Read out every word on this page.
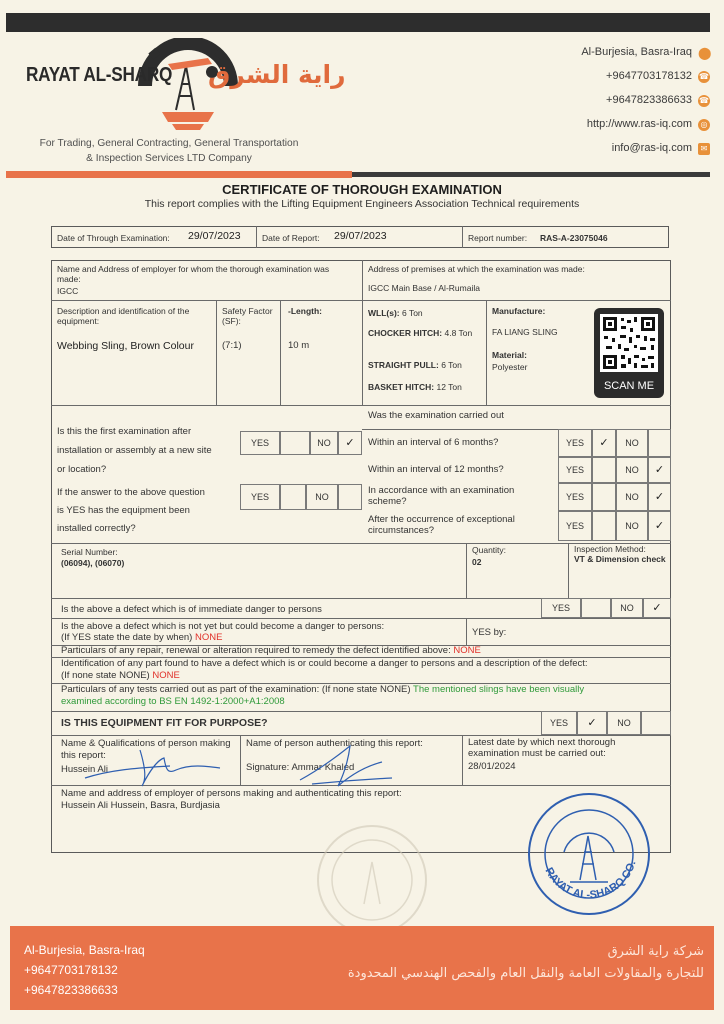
RAYAT AL-SHARQ راية الشرق
For Trading, General Contracting, General Transportation
& Inspection Services LTD Company
Al-Burjesia, Basra-Iraq ⬤
+9647703178132 ☎
+9647823386633 ☎
http://www.ras-iq.com	◎
info@ras-iq.com	✉
CERTIFICATE OF THOROUGH EXAMINATION
This report complies with the Lifting Equipment Engineers Association Technical requirements
Date of Through Examination: 29/07/2023	Date of Report: 29/07/2023	Report number: RAS-A-23075046
Name and Address of employer for whom the thorough examination was made:
IGCC
Address of premises at which the examination was made:
IGCC Main Base / Al-Rumaila
Description and identification of the equipment:
Webbing Sling, Brown Colour
Safety Factor (SF):
(7:1)
-Length:
10 m
WLL(s): 6 Ton
CHOCKER HITCH: 4.8 Ton
STRAIGHT PULL: 6 Ton
BASKET HITCH: 12 Ton
Manufacture:
FA LIANG SLING
Material:
Polyester
SCAN ME
Is this the first examination after
installation or assembly at a new site
or location?
YES	NO	✓
If the answer to the above question
is YES has the equipment been
installed correctly?
YES	NO
Was the examination carried out
Within an interval of 6 months?	YES	✓	NO
Within an interval of 12 months?	YES	NO	✓
In accordance with an examination scheme?	YES	NO	✓
After the occurrence of exceptional circumstances?	YES	NO	✓
Serial Number:
(06094), (06070)
Quantity:
02
Inspection Method:
VT & Dimension check
Is the above a defect which is of immediate danger to persons	YES	NO	✓
Is the above a defect which is not yet but could become a danger to persons:
(If YES state the date by when) NONE	YES by:
Particulars of any repair, renewal or alteration required to remedy the defect identified above: NONE
Identification of any part found to have a defect which is or could become a danger to persons and a description of the defect:
(If none state NONE) NONE
Particulars of any tests carried out as part of the examination: (If none state NONE) The mentioned slings have been visually
examined according to BS EN 1492-1:2000+A1:2008
IS THIS EQUIPMENT FIT FOR PURPOSE?	YES	✓	NO
Name & Qualifications of person making this report:
Hussein Ali
Name of person authenticating this report:
Signature: Ammar Khaled
Latest date by which next thorough examination must be carried out:
28/01/2024
Name and address of employer of persons making and authenticating this report:
Hussein Ali Hussein, Basra, Burdjasia
RAYAT AL-SHARQ CO.
Al-Burjesia, Basra-Iraq
+9647703178132
+9647823386633
شركة راية الشرق
للتجارة والمقاولات العامة والنقل العام والفحص الهندسي المحدودة
